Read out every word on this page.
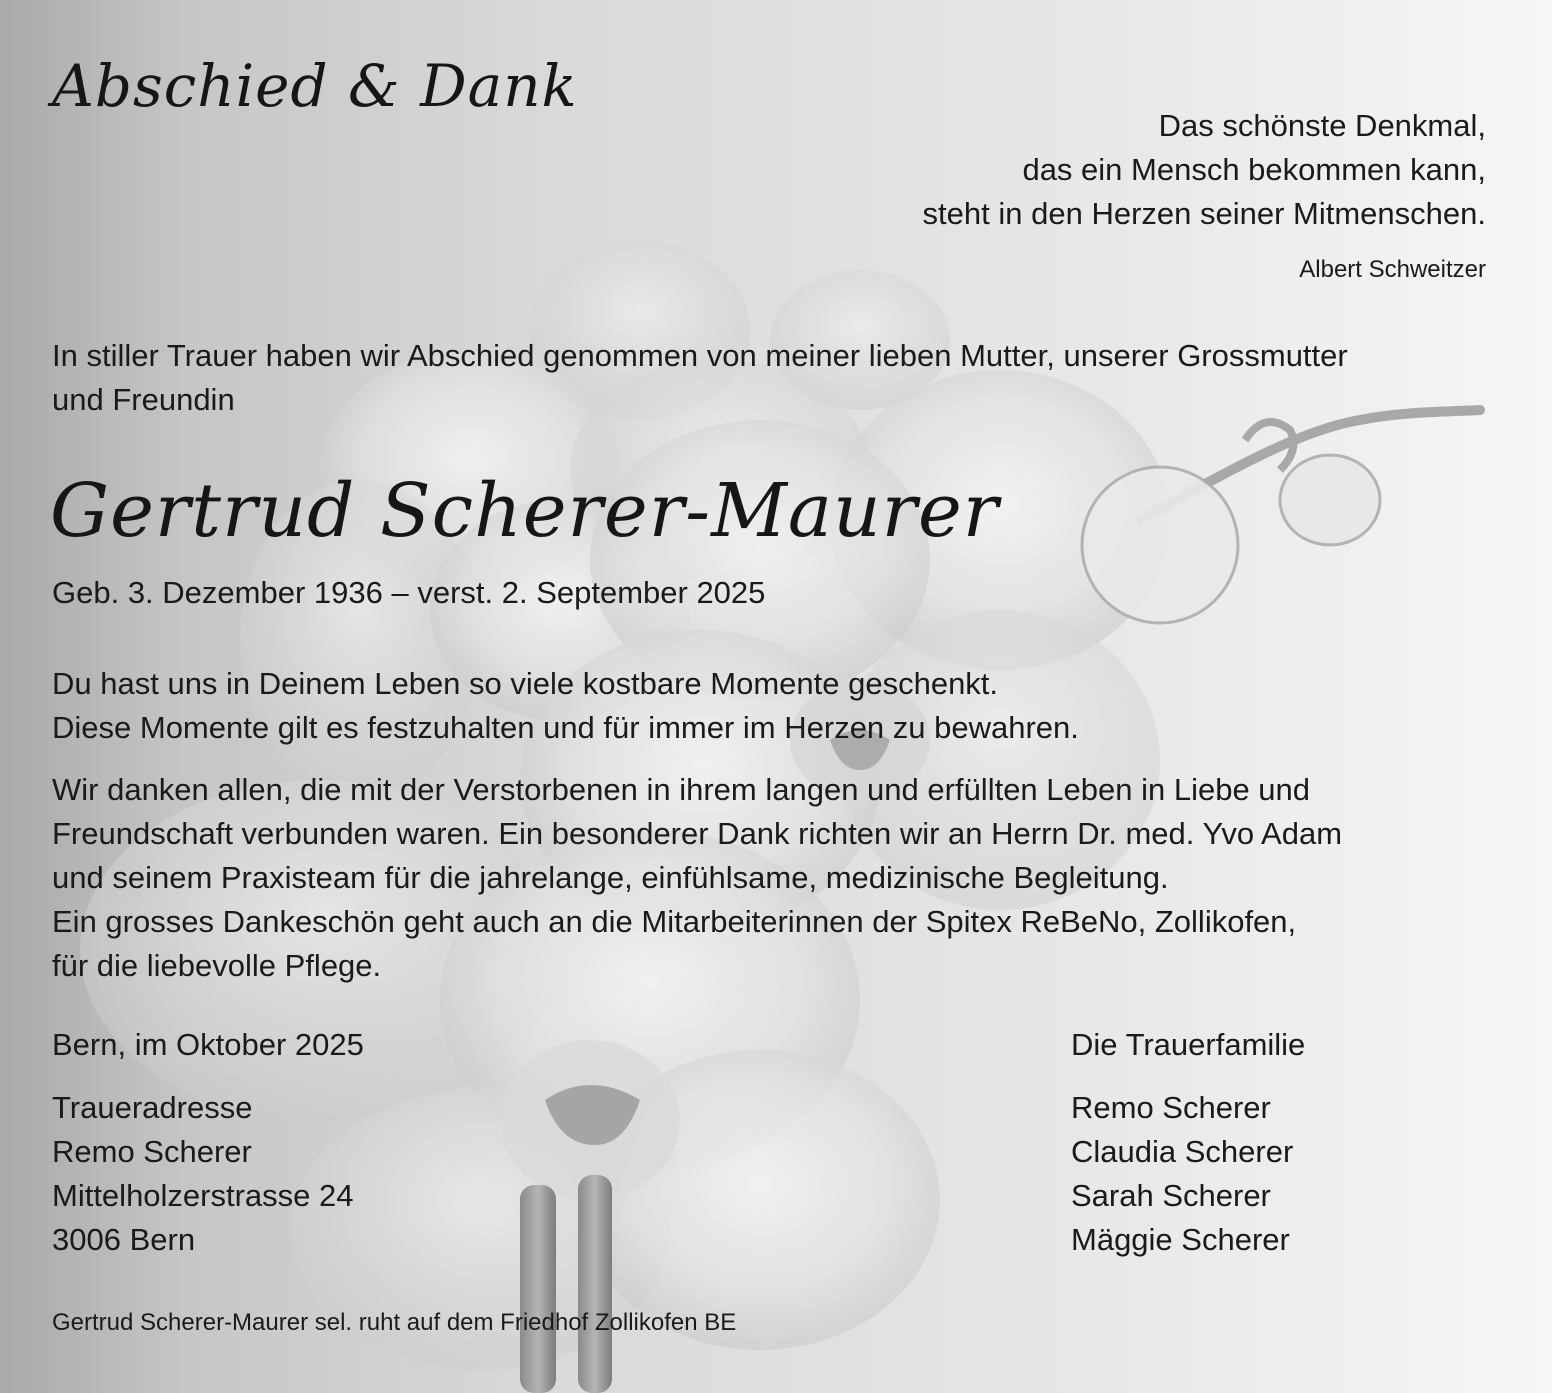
Abschied & Dank
Das schönste Denkmal,
das ein Mensch bekommen kann,
steht in den Herzen seiner Mitmenschen.
Albert Schweitzer
In stiller Trauer haben wir Abschied genommen von meiner lieben Mutter, unserer Grossmutter
und Freundin
Gertrud Scherer-Maurer
Geb. 3. Dezember 1936 – verst. 2. September 2025
Du hast uns in Deinem Leben so viele kostbare Momente geschenkt.
Diese Momente gilt es festzuhalten und für immer im Herzen zu bewahren.
Wir danken allen, die mit der Verstorbenen in ihrem langen und erfüllten Leben in Liebe und
Freundschaft verbunden waren. Ein besonderer Dank richten wir an Herrn Dr. med. Yvo Adam
und seinem Praxisteam für die jahrelange, einfühlsame, medizinische Begleitung.
Ein grosses Dankeschön geht auch an die Mitarbeiterinnen der Spitex ReBeNo, Zollikofen,
für die liebevolle Pflege.
Bern, im Oktober 2025
Traueradresse
Remo Scherer
Mittelholzerstrasse 24
3006 Bern
Die Trauerfamilie
Remo Scherer
Claudia Scherer
Sarah Scherer
Mäggie Scherer
Gertrud Scherer-Maurer sel. ruht auf dem Friedhof Zollikofen BE
